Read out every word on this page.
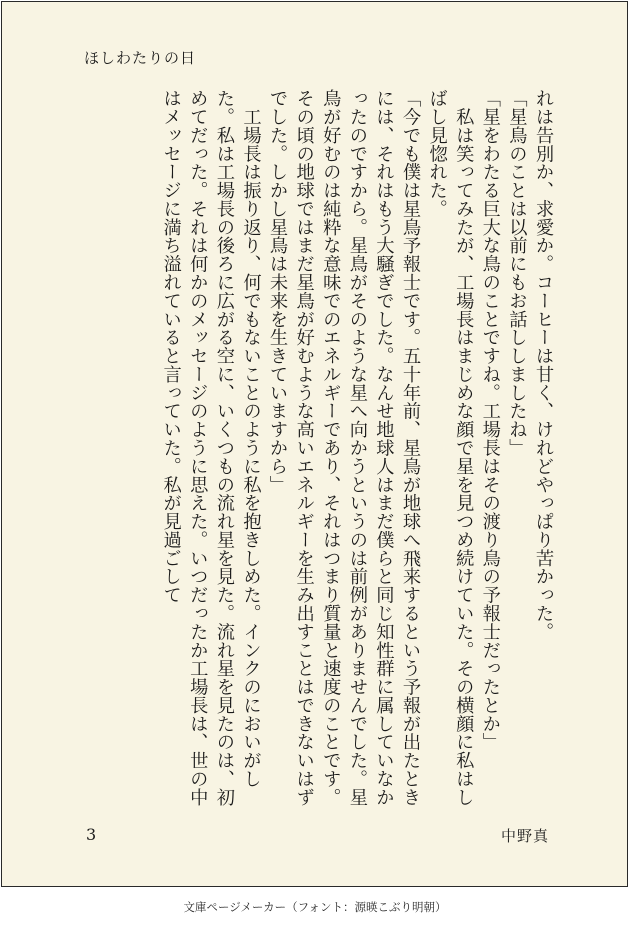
ほしわたりの日
れは告別か、求愛か。コーヒーは甘く、けれどやっぱり苦かった。
「星鳥のことは以前にもお話ししましたね」
「星をわたる巨大な鳥のことですね。工場長はその渡り鳥の予報士だったとか」
　私は笑ってみたが、工場長はまじめな顔で星を見つめ続けていた。その横顔に私はしばし見惚れた。
「今でも僕は星鳥予報士です。五十年前、星鳥が地球へ飛来するという予報が出たときには、それはもう大騒ぎでした。なんせ地球人はまだ僕らと同じ知性群に属していなかったのですから。星鳥がそのような星へ向かうというのは前例がありませんでした。星鳥が好むのは純粋な意味でのエネルギーであり、それはつまり質量と速度のことです。その頃の地球ではまだ星鳥が好むような高いエネルギーを生み出すことはできないはずでした。しかし星鳥は未来を生きていますから」
　工場長は振り返り、何でもないことのように私を抱きしめた。インクのにおいがした。私は工場長の後ろに広がる空に、いくつもの流れ星を見た。流れ星を見たのは、初めてだった。それは何かのメッセージのように思えた。いつだったか工場長は、世の中はメッセージに満ち溢れていると言っていた。私が見過ごして
3	中野真
文庫ページメーカー（フォント：源暎こぶり明朝）
